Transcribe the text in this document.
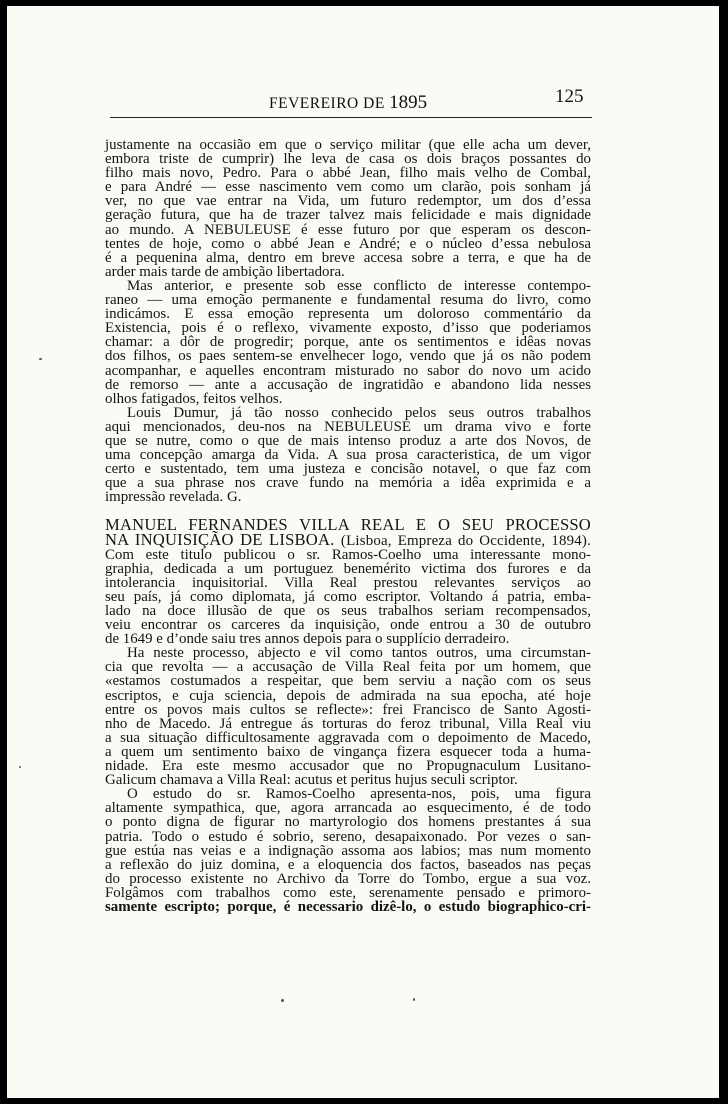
FEVEREIRO DE 1895	125
justamente na occasião em que o serviço militar (que elle acha um dever,
embora triste de cumprir) lhe leva de casa os dois braços possantes do
filho mais novo, Pedro. Para o abbé Jean, filho mais velho de Combal,
e para André — esse nascimento vem como um clarão, pois sonham já
ver, no que vae entrar na Vida, um futuro redemptor, um dos d’essa
geração futura, que ha de trazer talvez mais felicidade e mais dignidade
ao mundo. A NEBULEUSE é esse futuro por que esperam os descon-
tentes de hoje, como o abbé Jean e André; e o núcleo d’essa nebulosa
é a pequenina alma, dentro em breve accesa sobre a terra, e que ha de
arder mais tarde de ambição libertadora.
Mas anterior, e presente sob esse conflicto de interesse contempo-
raneo — uma emoção permanente e fundamental resuma do livro, como
indicámos. E essa emoção representa um doloroso commentário da
Existencia, pois é o reflexo, vivamente exposto, d’isso que poderiamos
chamar: a dôr de progredir; porque, ante os sentimentos e idêas novas
dos filhos, os paes sentem-se envelhecer logo, vendo que já os não podem
acompanhar, e aquelles encontram misturado no sabor do novo um acido
de remorso — ante a accusação de ingratidão e abandono lida nesses
olhos fatigados, feitos velhos.
Louis Dumur, já tão nosso conhecido pelos seus outros trabalhos
aqui mencionados, deu-nos na NEBULEUSE um drama vivo e forte
que se nutre, como o que de mais intenso produz a arte dos Novos, de
uma concepção amarga da Vida. A sua prosa caracteristica, de um vigor
certo e sustentado, tem uma justeza e concisão notavel, o que faz com
que a sua phrase nos crave fundo na memória a idêa exprimida e a
impressão revelada. G.
MANUEL FERNANDES VILLA REAL E O SEU PROCESSO
NA INQUISIÇÃO DE LISBOA. (Lisboa, Empreza do Occidente, 1894).
Com este titulo publicou o sr. Ramos-Coelho uma interessante mono-
graphia, dedicada a um portuguez benemérito victima dos furores e da
intolerancia inquisitorial. Villa Real prestou relevantes serviços ao
seu país, já como diplomata, já como escriptor. Voltando á patria, emba-
lado na doce illusão de que os seus trabalhos seriam recompensados,
veiu encontrar os carceres da inquisição, onde entrou a 30 de outubro
de 1649 e d’onde saiu tres annos depois para o supplício derradeiro.
Ha neste processo, abjecto e vil como tantos outros, uma circumstan-
cia que revolta — a accusação de Villa Real feita por um homem, que
«estamos costumados a respeitar, que bem serviu a nação com os seus
escriptos, e cuja sciencia, depois de admirada na sua epocha, até hoje
entre os povos mais cultos se reflecte»: frei Francisco de Santo Agosti-
nho de Macedo. Já entregue ás torturas do feroz tribunal, Villa Real viu
a sua situação difficultosamente aggravada com o depoimento de Macedo,
a quem um sentimento baixo de vingança fizera esquecer toda a huma-
nidade. Era este mesmo accusador que no Propugnaculum Lusitano-
Galicum chamava a Villa Real: acutus et peritus hujus seculi scriptor.
O estudo do sr. Ramos-Coelho apresenta-nos, pois, uma figura
altamente sympathica, que, agora arrancada ao esquecimento, é de todo
o ponto digna de figurar no martyrologio dos homens prestantes á sua
patria. Todo o estudo é sobrio, sereno, desapaixonado. Por vezes o san-
gue estúa nas veias e a indignação assoma aos labios; mas num momento
a reflexão do juiz domina, e a eloquencia dos factos, baseados nas peças
do processo existente no Archivo da Torre do Tombo, ergue a sua voz.
Folgâmos com trabalhos como este, serenamente pensado e primoro-
samente escripto; porque, é necessario dizê-lo, o estudo biographico-cri-
